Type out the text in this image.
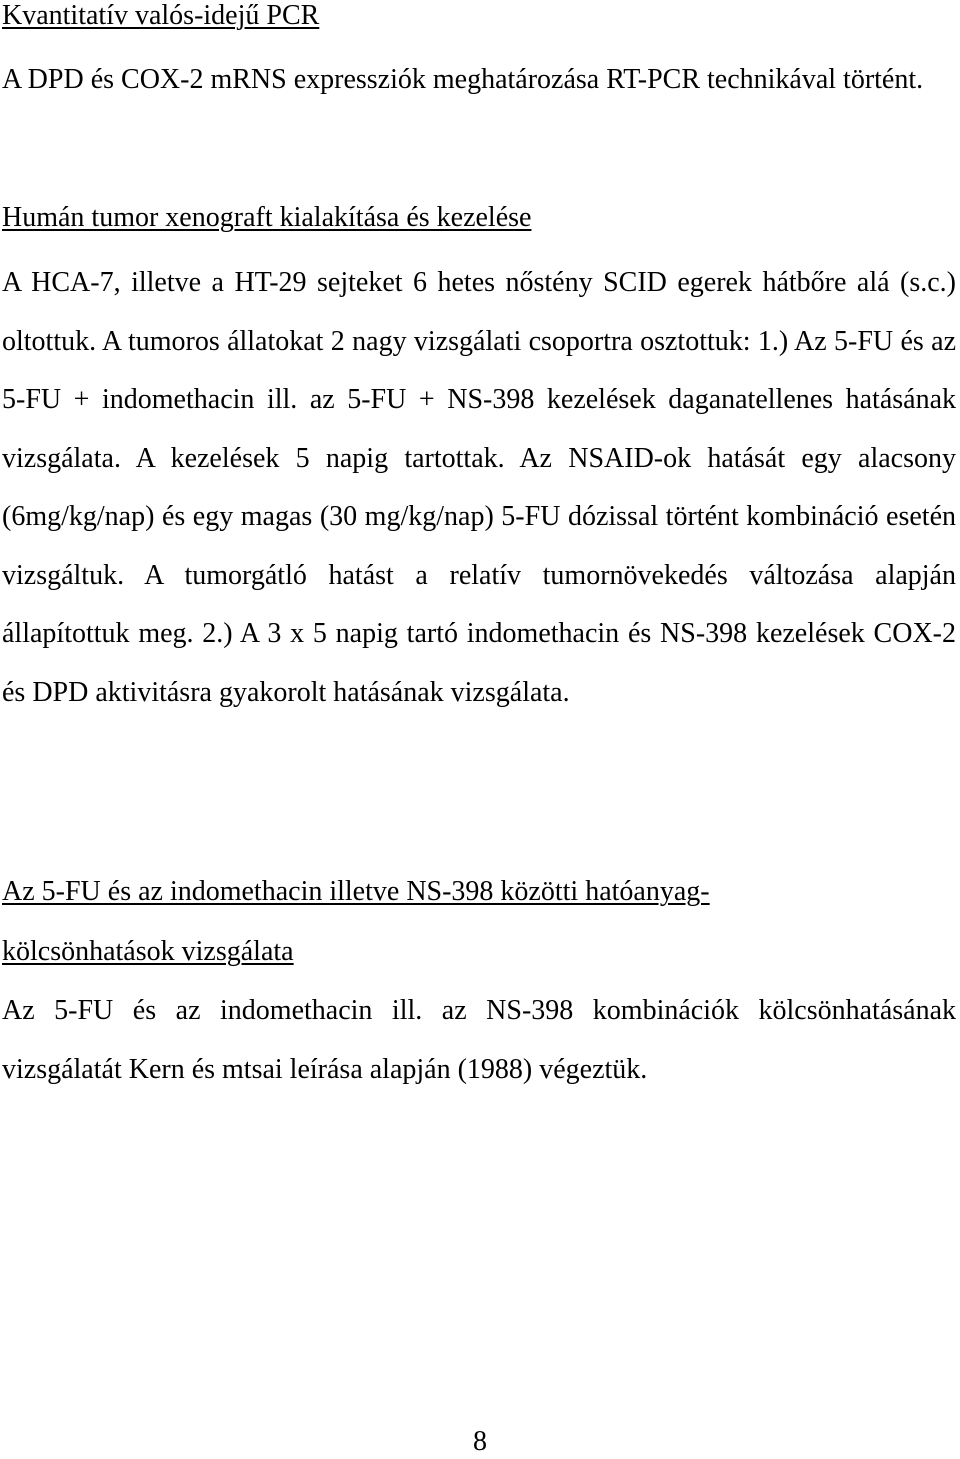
Kvantitatív valós-idejű PCR

A DPD és COX-2 mRNS expressziók meghatározása RT-PCR technikával történt.

Humán tumor xenograft kialakítása és kezelése

A HCA-7, illetve a HT-29 sejteket 6 hetes nőstény SCID egerek hátbőre alá (s.c.) oltottuk. A tumoros állatokat 2 nagy vizsgálati csoportra osztottuk: 1.) Az 5-FU és az 5-FU + indomethacin ill. az 5-FU + NS-398 kezelések daganatellenes hatásának vizsgálata. A kezelések 5 napig tartottak. Az NSAID-ok hatását egy alacsony (6mg/kg/nap) és egy magas (30 mg/kg/nap) 5-FU dózissal történt kombináció esetén vizsgáltuk. A tumorgátló hatást a relatív tumornövekedés változása alapján állapítottuk meg. 2.) A 3 x 5 napig tartó indomethacin és NS-398 kezelések COX-2 és DPD aktivitásra gyakorolt hatásának vizsgálata.

Az 5-FU és az indomethacin illetve NS-398 közötti hatóanyag-
kölcsönhatások vizsgálata

Az 5-FU és az indomethacin ill. az NS-398 kombinációk kölcsönhatásának vizsgálatát Kern és mtsai leírása alapján (1988) végeztük.

8
